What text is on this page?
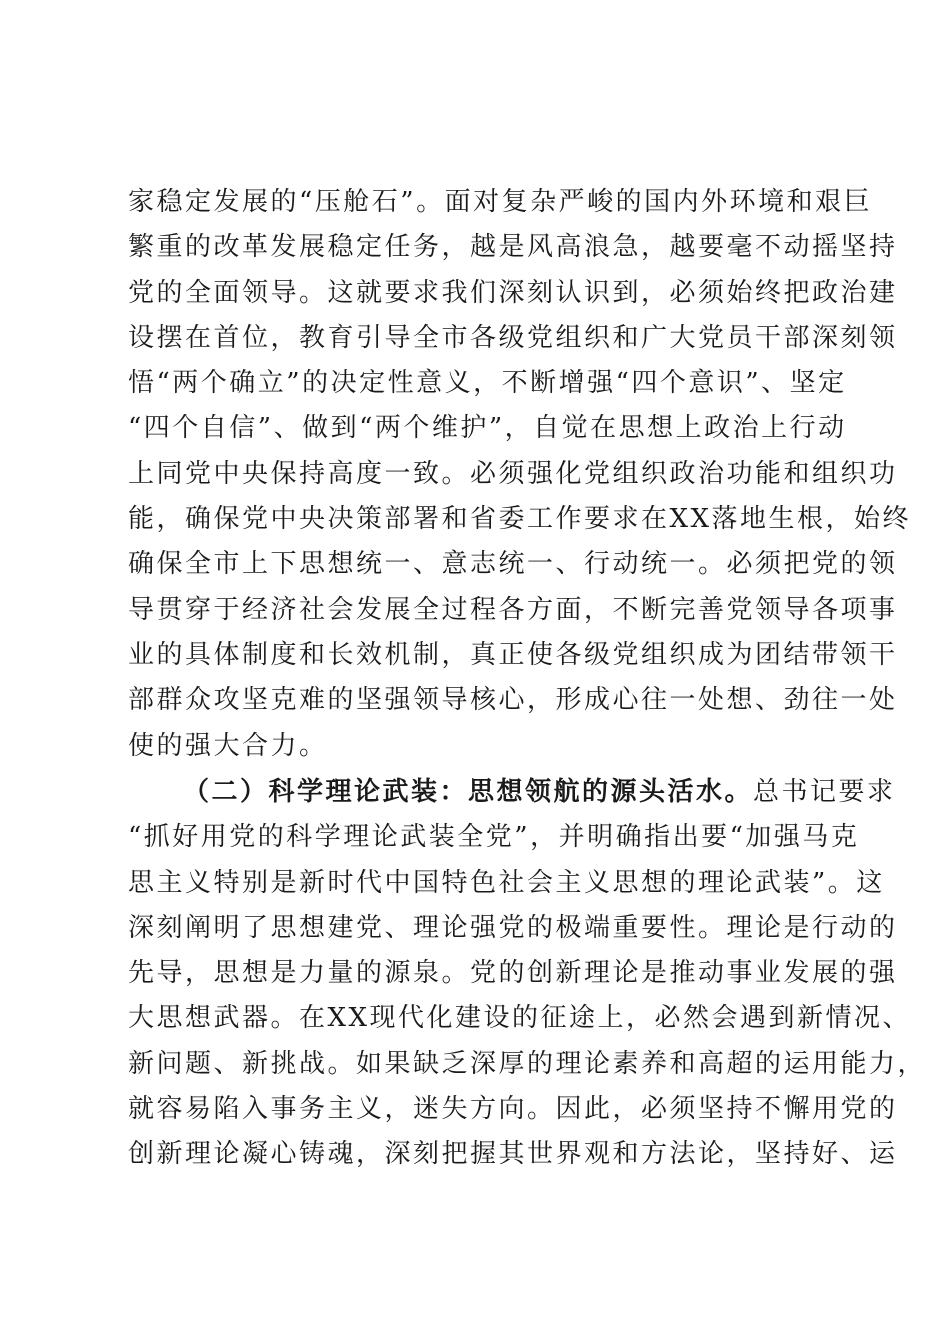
家稳定发展的“压舱石”。面对复杂严峻的国内外环境和艰巨
繁重的改革发展稳定任务，越是风高浪急，越要毫不动摇坚持
党的全面领导。这就要求我们深刻认识到，必须始终把政治建
设摆在首位，教育引导全市各级党组织和广大党员干部深刻领
悟“两个确立”的决定性意义，不断增强“四个意识”、坚定
“四个自信”、做到“两个维护”，自觉在思想上政治上行动
上同党中央保持高度一致。必须强化党组织政治功能和组织功
能，确保党中央决策部署和省委工作要求在XX落地生根，始终
确保全市上下思想统一、意志统一、行动统一。必须把党的领
导贯穿于经济社会发展全过程各方面，不断完善党领导各项事
业的具体制度和长效机制，真正使各级党组织成为团结带领干
部群众攻坚克难的坚强领导核心，形成心往一处想、劲往一处
使的强大合力。
（二）科学理论武装：思想领航的源头活水。总书记要求
“抓好用党的科学理论武装全党”，并明确指出要“加强马克
思主义特别是新时代中国特色社会主义思想的理论武装”。这
深刻阐明了思想建党、理论强党的极端重要性。理论是行动的
先导，思想是力量的源泉。党的创新理论是推动事业发展的强
大思想武器。在XX现代化建设的征途上，必然会遇到新情况、
新问题、新挑战。如果缺乏深厚的理论素养和高超的运用能力，
就容易陷入事务主义，迷失方向。因此，必须坚持不懈用党的
创新理论凝心铸魂，深刻把握其世界观和方法论，坚持好、运
